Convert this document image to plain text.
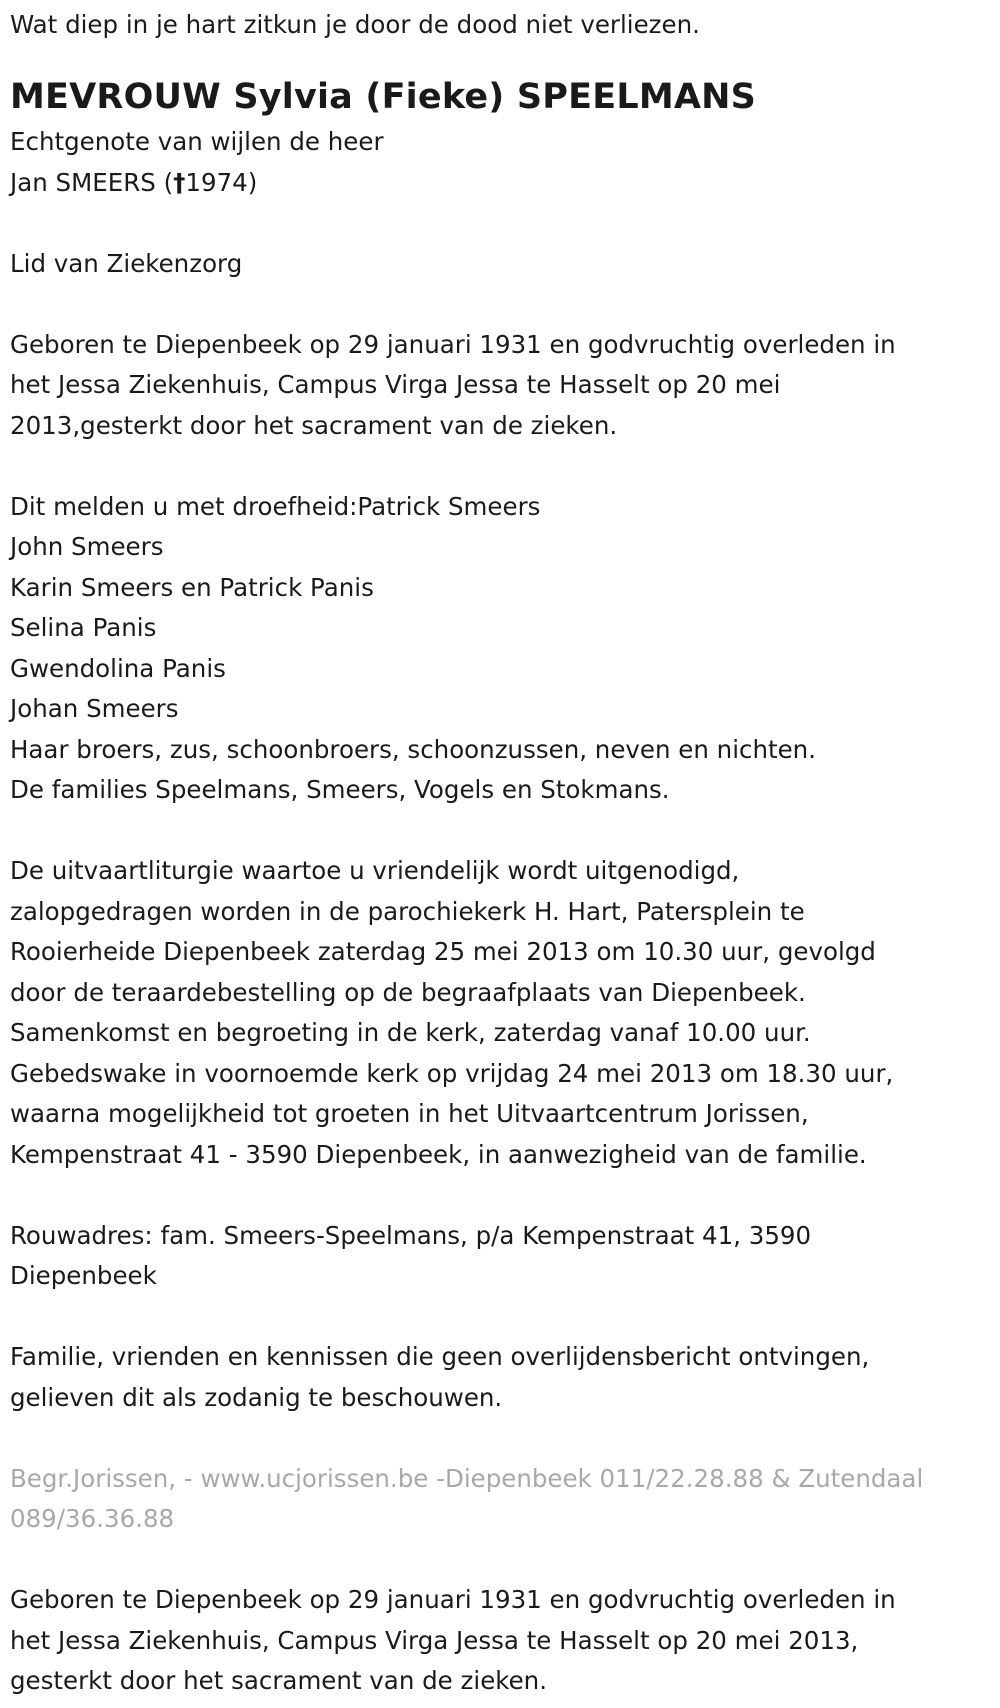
Wat diep in je hart zitkun je door de dood niet verliezen.

MEVROUW Sylvia (Fieke) SPEELMANS

Echtgenote van wijlen de heer

Jan SMEERS (†1974)

Lid van Ziekenzorg

Geboren te Diepenbeek op 29 januari 1931 en godvruchtig overleden in

het Jessa Ziekenhuis, Campus Virga Jessa te Hasselt op 20 mei

2013,gesterkt door het sacrament van de zieken.

Dit melden u met droefheid:Patrick Smeers

John Smeers

Karin Smeers en Patrick Panis

Selina Panis

Gwendolina Panis

Johan Smeers

Haar broers, zus, schoonbroers, schoonzussen, neven en nichten.

De families Speelmans, Smeers, Vogels en Stokmans.

De uitvaartliturgie waartoe u vriendelijk wordt uitgenodigd,

zalopgedragen worden in de parochiekerk H. Hart, Patersplein te

Rooierheide Diepenbeek zaterdag 25 mei 2013 om 10.30 uur, gevolgd

door de teraardebestelling op de begraafplaats van Diepenbeek.

Samenkomst en begroeting in de kerk, zaterdag vanaf 10.00 uur.

Gebedswake in voornoemde kerk op vrijdag 24 mei 2013 om 18.30 uur,

waarna mogelijkheid tot groeten in het Uitvaartcentrum Jorissen,

Kempenstraat 41 - 3590 Diepenbeek, in aanwezigheid van de familie.

Rouwadres: fam. Smeers-Speelmans, p/a Kempenstraat 41, 3590

Diepenbeek

Familie, vrienden en kennissen die geen overlijdensbericht ontvingen,

gelieven dit als zodanig te beschouwen.

Begr.Jorissen, - www.ucjorissen.be -Diepenbeek 011/22.28.88 & Zutendaal

089/36.36.88

Geboren te Diepenbeek op 29 januari 1931 en godvruchtig overleden in

het Jessa Ziekenhuis, Campus Virga Jessa te Hasselt op 20 mei 2013,

gesterkt door het sacrament van de zieken.
